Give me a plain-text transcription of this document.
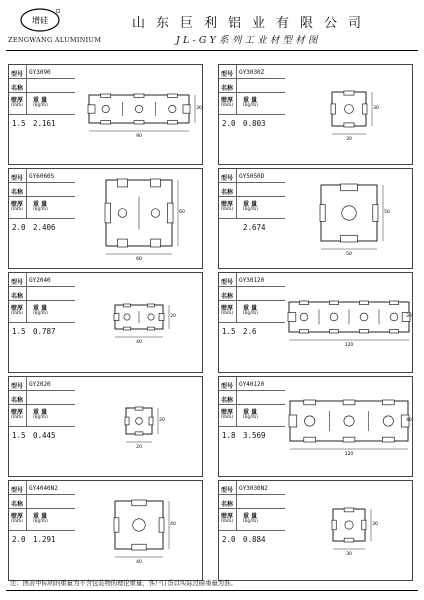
增硅
ZENGWANG ALUMINIUM
山东巨利铝业有限公司
JL-GY系列工业材型材图
型号 GY3090
名称
壁厚
(mm)
重 量
(kg/m)
1.5 2.161
90
30
型号 GY3030Z
名称
壁厚
(mm)
重 量
(kg/m)
2.0 0.803
30
30
型号 GY6060S
名称
壁厚
(mm)
重 量
(kg/m)
2.0 2.406
60
60
型号 GY5050D
名称
壁厚
(mm)
重 量
(kg/m)
2.674
50
50
型号 GY2040
名称
壁厚
(mm)
重 量
(kg/m)
1.5 0.787
40
20
型号 GY30120
名称
壁厚
(mm)
重 量
(kg/m)
1.5 2.6
120
30
型号 GY2020
名称
壁厚
(mm)
重 量
(kg/m)
1.5 0.445
20
20
型号 GY40120
名称
壁厚
(mm)
重 量
(kg/m)
1.8 3.569
120
40
型号 GY4040N2
名称
壁厚
(mm)
重 量
(kg/m)
2.0 1.291
40
40
型号 GY3030N2
名称
壁厚
(mm)
重 量
(kg/m)
2.0 0.884
30
30
注：图表中标明的重量为不含包装物的理论重量，客户订货以实际过磅重量为准。
